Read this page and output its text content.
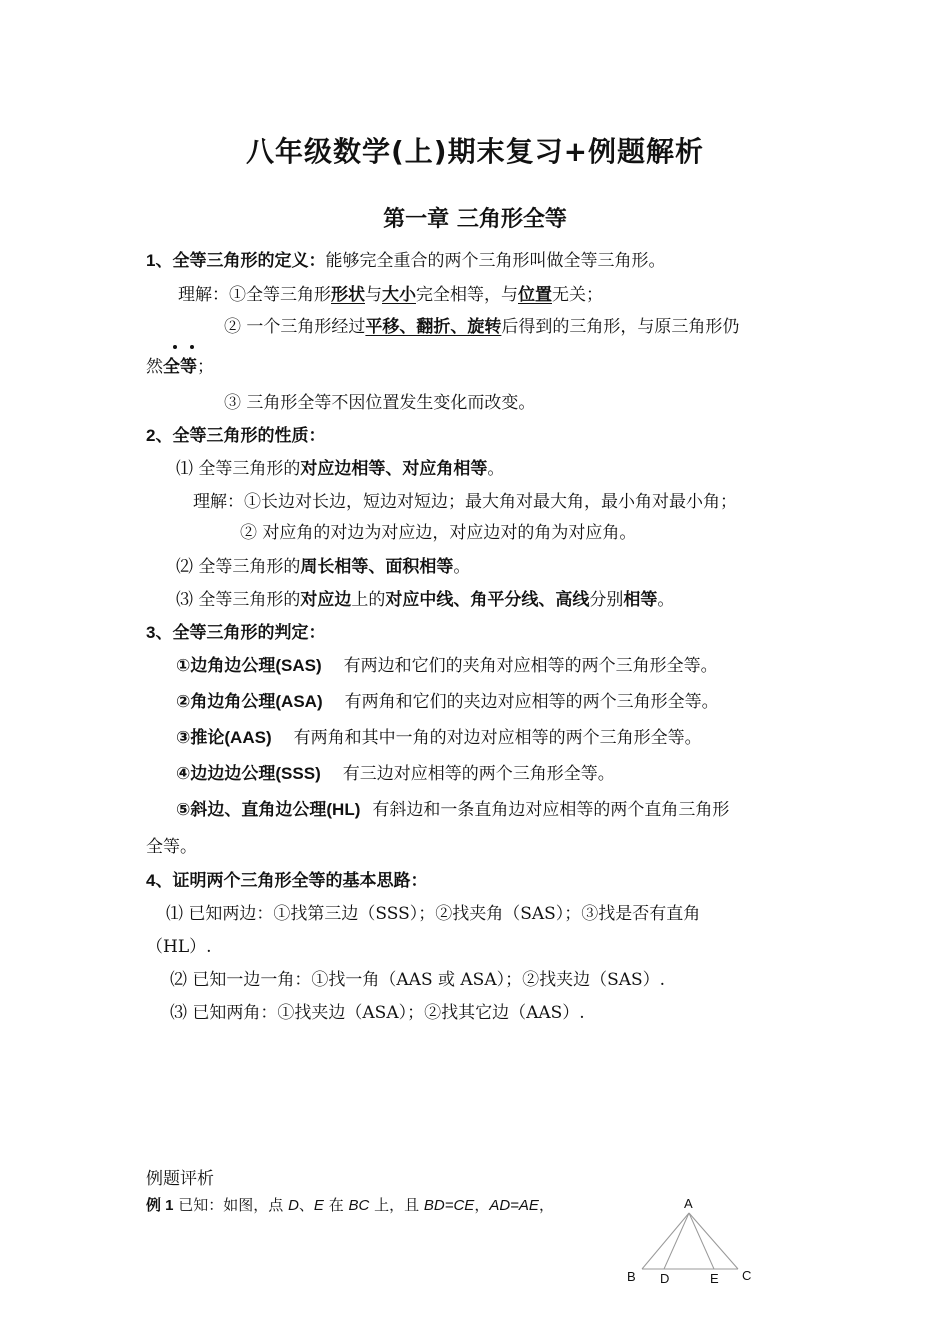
八年级数学(上)期末复习+例题解析
第一章 三角形全等
1、全等三角形的定义：能够完全重合的两个三角形叫做全等三角形。
理解：①全等三角形形状与大小完全相等，与位置无关；
② 一个三角形经过平移、翻折、旋转后得到的三角形，与原三角形仍
然全等；
③ 三角形全等不因位置发生变化而改变。
2、全等三角形的性质：
⑴ 全等三角形的对应边相等、对应角相等。
理解：①长边对长边，短边对短边；最大角对最大角，最小角对最小角；
② 对应角的对边为对应边，对应边对的角为对应角。
⑵ 全等三角形的周长相等、面积相等。
⑶ 全等三角形的对应边上的对应中线、角平分线、高线分别相等。
3、全等三角形的判定：
①边角边公理(SAS) 有两边和它们的夹角对应相等的两个三角形全等。
②角边角公理(ASA) 有两角和它们的夹边对应相等的两个三角形全等。
③推论(AAS) 有两角和其中一角的对边对应相等的两个三角形全等。
④边边边公理(SSS) 有三边对应相等的两个三角形全等。
⑤斜边、直角边公理(HL) 有斜边和一条直角边对应相等的两个直角三角形
全等。
4、证明两个三角形全等的基本思路：
⑴ 已知两边：①找第三边（SSS）；②找夹角（SAS）；③找是否有直角
（HL）.
⑵ 已知一边一角：①找一角（AAS 或 ASA）；②找夹边（SAS）.
⑶ 已知两角：①找夹边（ASA）；②找其它边（AAS）.
例题评析
例 1 已知：如图，点 D、E 在 BC 上，且 BD=CE，AD=AE，	A
B D	E C
